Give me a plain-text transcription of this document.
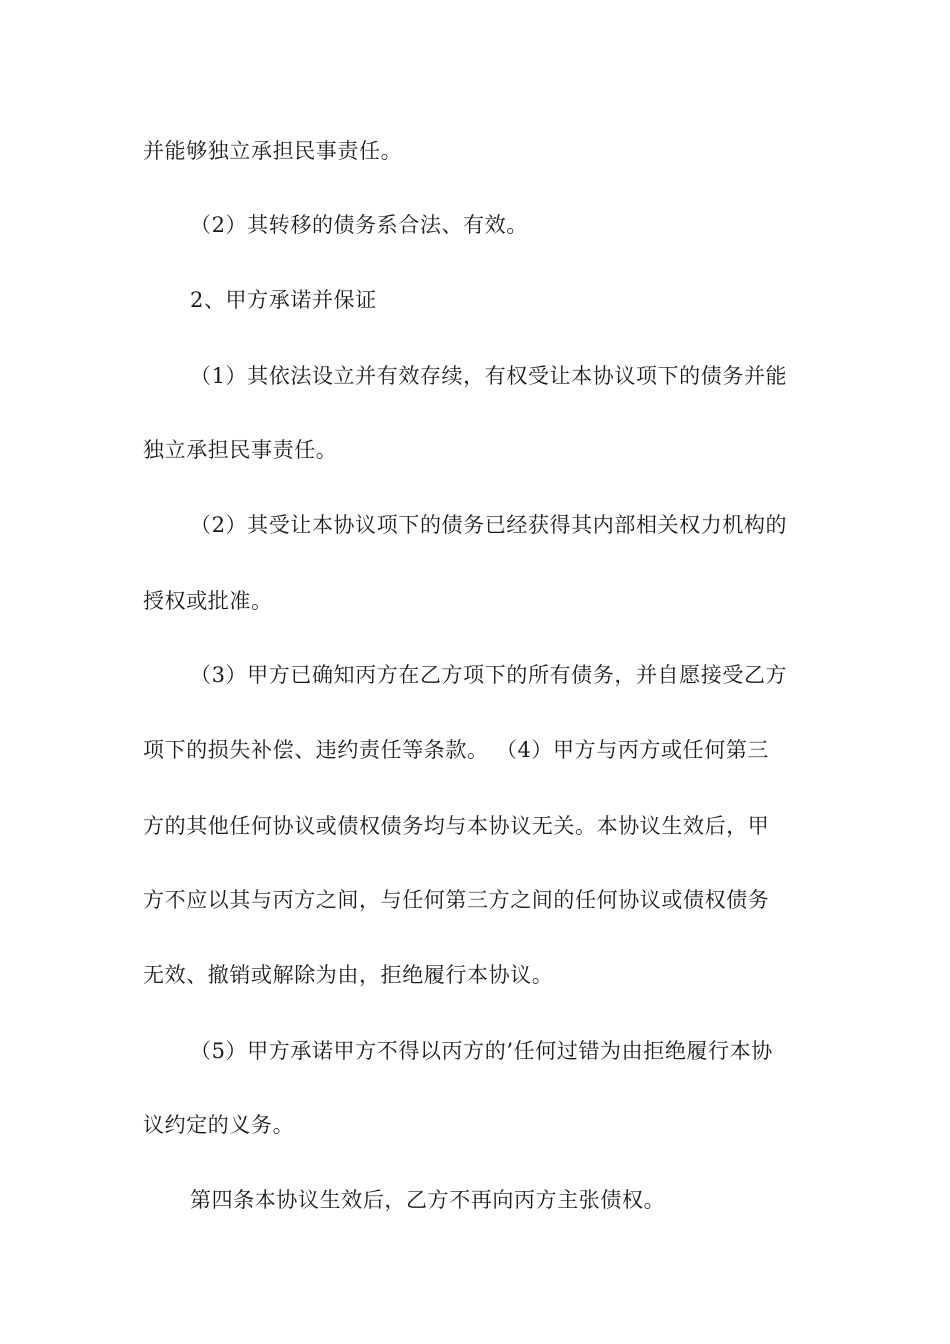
并能够独立承担民事责任。
（2）其转移的债务系合法、有效。
2、甲方承诺并保证
（1）其依法设立并有效存续，有权受让本协议项下的债务并能
独立承担民事责任。
（2）其受让本协议项下的债务已经获得其内部相关权力机构的
授权或批准。
（3）甲方已确知丙方在乙方项下的所有债务，并自愿接受乙方
项下的损失补偿、违约责任等条款。 （4）甲方与丙方或任何第三
方的其他任何协议或债权债务均与本协议无关。本协议生效后，甲
方不应以其与丙方之间，与任何第三方之间的任何协议或债权债务
无效、撤销或解除为由，拒绝履行本协议。
（5）甲方承诺甲方不得以丙方的’任何过错为由拒绝履行本协
议约定的义务。
第四条本协议生效后，乙方不再向丙方主张债权。
